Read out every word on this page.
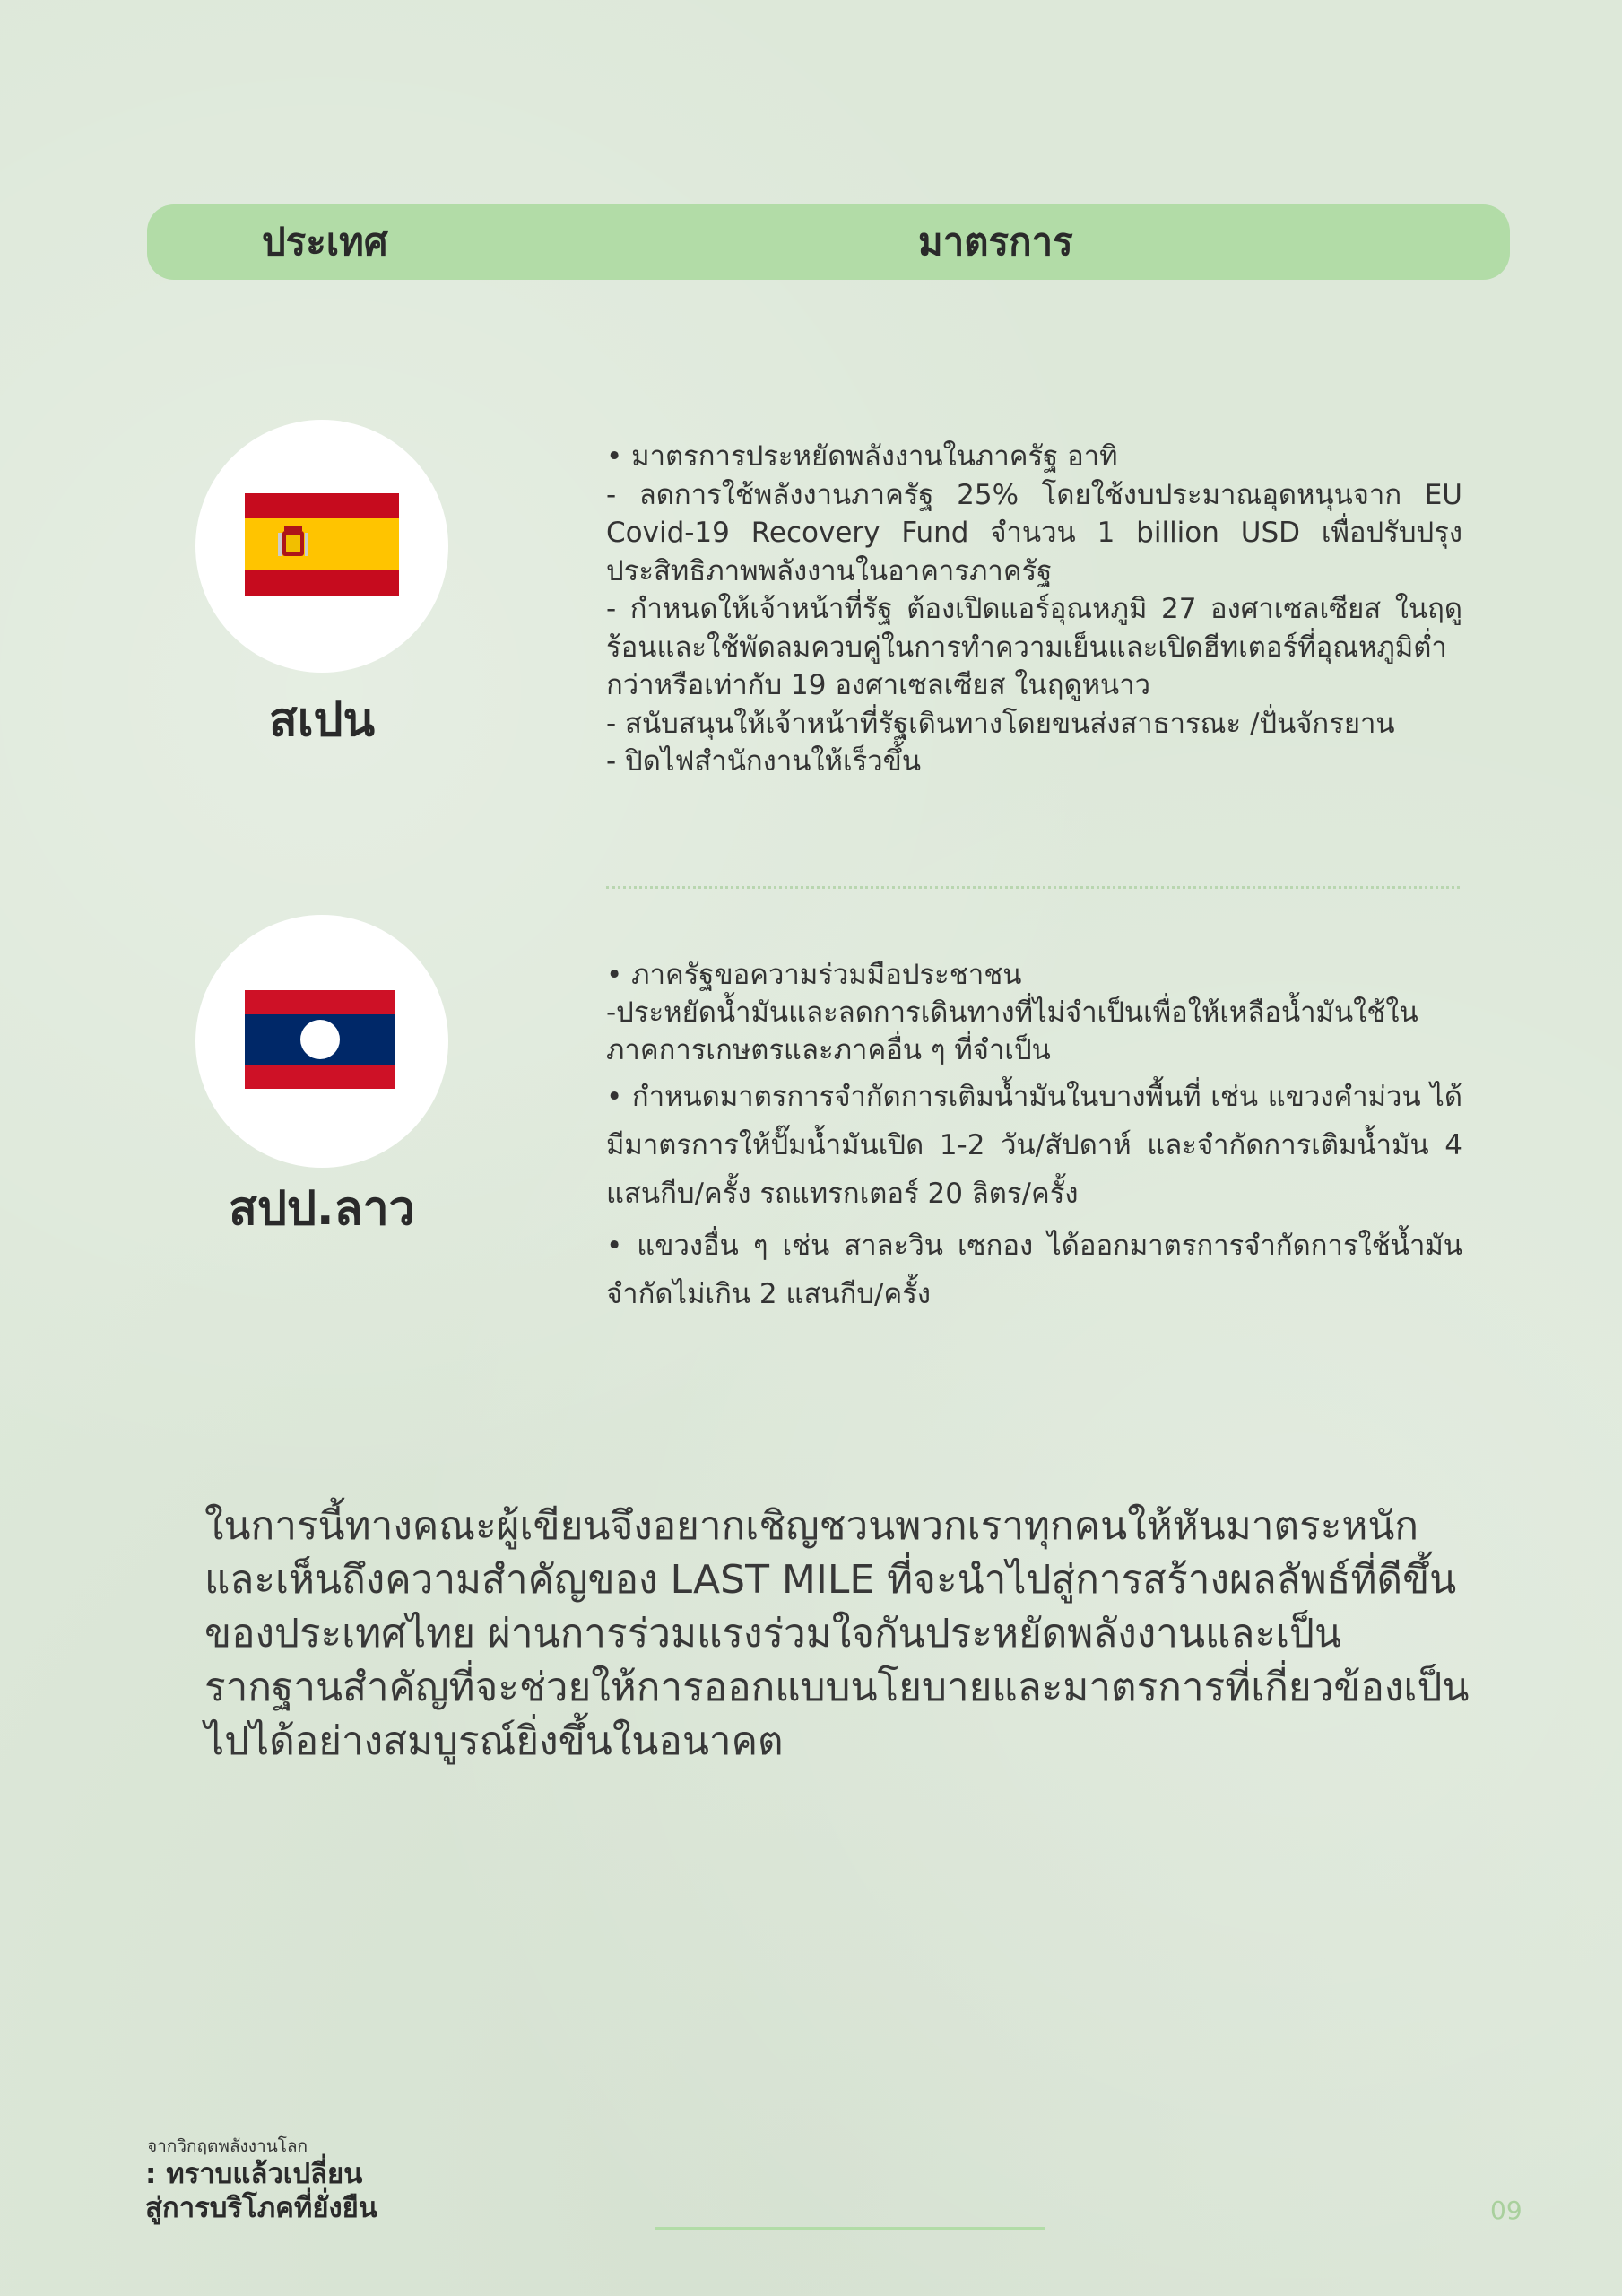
ประเทศ	มาตรการ
สเปน

• มาตรการประหยัดพลังงานในภาครัฐ อาทิ

- ลดการใช้พลังงานภาครัฐ 25% โดยใช้งบประมาณอุดหนุนจาก EU Covid-19 Recovery Fund จำนวน 1 billion USD เพื่อปรับปรุงประสิทธิภาพพลังงานในอาคารภาครัฐ

- กำหนดให้เจ้าหน้าที่รัฐ ต้องเปิดแอร์อุณหภูมิ 27 องศาเซลเซียส ในฤดูร้อนและใช้พัดลมควบคู่ในการทำความเย็นและเปิดฮีทเตอร์ที่อุณหภูมิต่ำกว่าหรือเท่ากับ 19 องศาเซลเซียส ในฤดูหนาว

- สนับสนุนให้เจ้าหน้าที่รัฐเดินทางโดยขนส่งสาธารณะ /ปั่นจักรยาน

- ปิดไฟสำนักงานให้เร็วขึ้น

สปป.ลาว

• ภาครัฐขอความร่วมมือประชาชน

-ประหยัดน้ำมันและลดการเดินทางที่ไม่จำเป็นเพื่อให้เหลือน้ำมันใช้ในภาคการเกษตรและภาคอื่น ๆ ที่จำเป็น

• กำหนดมาตรการจำกัดการเติมน้ำมันในบางพื้นที่ เช่น แขวงคำม่วน ได้มีมาตรการให้ปั๊มน้ำมันเปิด 1-2 วัน/สัปดาห์ และจำกัดการเติมน้ำมัน 4 แสนกีบ/ครั้ง รถแทรกเตอร์ 20 ลิตร/ครั้ง

• แขวงอื่น ๆ เช่น สาละวิน เซกอง ได้ออกมาตรการจำกัดการใช้น้ำมันจำกัดไม่เกิน 2 แสนกีบ/ครั้ง

ในการนี้ทางคณะผู้เขียนจึงอยากเชิญชวนพวกเราทุกคนให้หันมาตระหนักและเห็นถึงความสำคัญของ LAST MILE ที่จะนำไปสู่การสร้างผลลัพธ์ที่ดีขึ้นของประเทศไทย ผ่านการร่วมแรงร่วมใจกันประหยัดพลังงานและเป็นรากฐานสำคัญที่จะช่วยให้การออกแบบนโยบายและมาตรการที่เกี่ยวข้องเป็นไปได้อย่างสมบูรณ์ยิ่งขึ้นในอนาคต

จากวิกฤตพลังงานโลก
: ทราบแล้วเปลี่ยน
สู่การบริโภคที่ยั่งยืน	09
